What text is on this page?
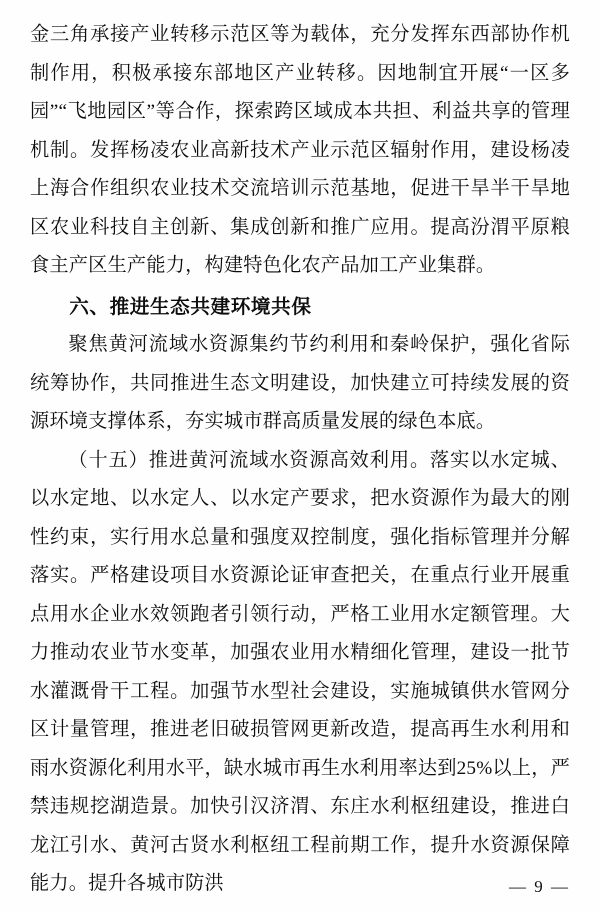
金三角承接产业转移示范区等为载体，充分发挥东西部协作机制作用，积极承接东部地区产业转移。因地制宜开展“一区多园”“飞地园区”等合作，探索跨区域成本共担、利益共享的管理机制。发挥杨凌农业高新技术产业示范区辐射作用，建设杨凌上海合作组织农业技术交流培训示范基地，促进干旱半干旱地区农业科技自主创新、集成创新和推广应用。提高汾渭平原粮食主产区生产能力，构建特色化农产品加工产业集群。

六、推进生态共建环境共保

聚焦黄河流域水资源集约节约利用和秦岭保护，强化省际统筹协作，共同推进生态文明建设，加快建立可持续发展的资源环境支撑体系，夯实城市群高质量发展的绿色本底。

（十五）推进黄河流域水资源高效利用。落实以水定城、以水定地、以水定人、以水定产要求，把水资源作为最大的刚性约束，实行用水总量和强度双控制度，强化指标管理并分解落实。严格建设项目水资源论证审查把关，在重点行业开展重点用水企业水效领跑者引领行动，严格工业用水定额管理。大力推动农业节水变革，加强农业用水精细化管理，建设一批节水灌溉骨干工程。加强节水型社会建设，实施城镇供水管网分区计量管理，推进老旧破损管网更新改造，提高再生水利用和雨水资源化利用水平，缺水城市再生水利用率达到25%以上，严禁违规挖湖造景。加快引汉济渭、东庄水利枢纽建设，推进白龙江引水、黄河古贤水利枢纽工程前期工作，提升水资源保障能力。提升各城市防洪	— 9 —
